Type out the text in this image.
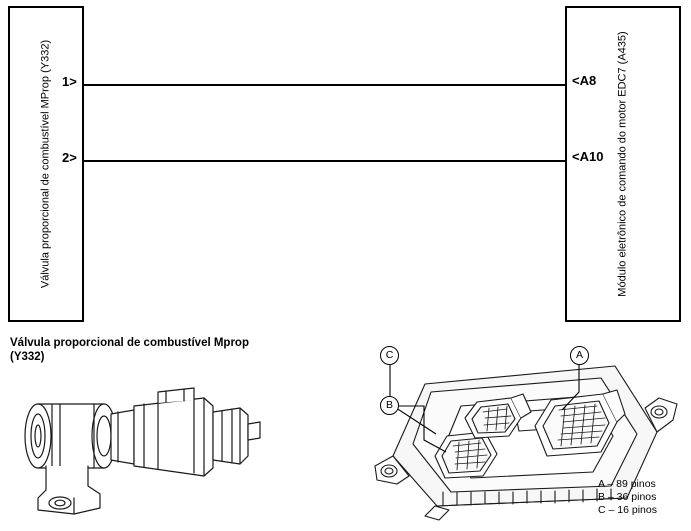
Válvula proporcional de combustível MProp (Y332)	Módulo eletrônico de comando do motor EDC7 (A435)
1>
2>
<A8
<A10
Válvula proporcional de combustível Mprop (Y332)	C	A
B
A – 89 pinos
B – 36 pinos
C – 16 pinos
